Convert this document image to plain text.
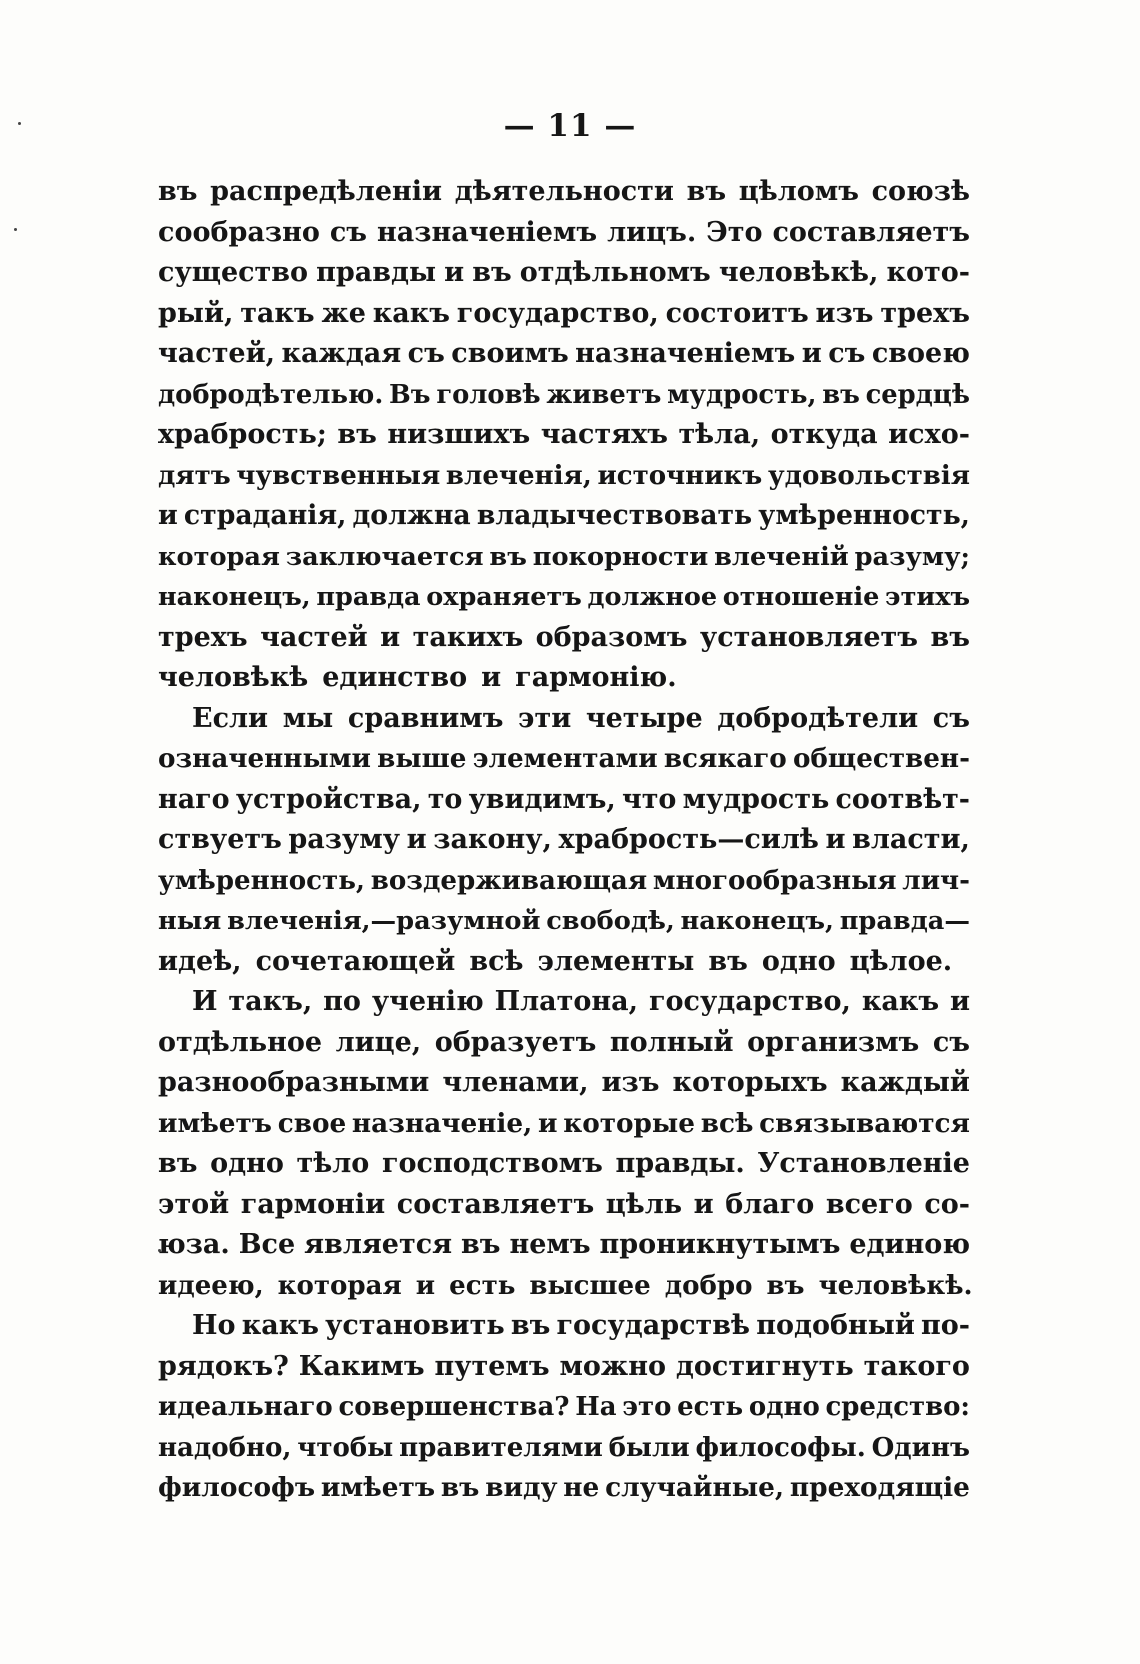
— 11 —
въ распредѣленіи дѣятельности въ цѣломъ союзѣ
сообразно съ назначеніемъ лицъ. Это составляетъ
существо правды и въ отдѣльномъ человѣкѣ, кото-
рый, такъ же какъ государство, состоитъ изъ трехъ
частей, каждая съ своимъ назначеніемъ и съ своею
добродѣтелью. Въ головѣ живетъ мудрость, въ сердцѣ
храбрость; въ низшихъ частяхъ тѣла, откуда исхо-
дятъ чувственныя влеченія, источникъ удовольствія
и страданія, должна владычествовать умѣренность,
которая заключается въ покорности влеченій разуму;
наконецъ, правда охраняетъ должное отношеніе этихъ
трехъ частей и такихъ образомъ установляетъ въ
человѣкѣ единство и гармонію.
Если мы сравнимъ эти четыре добродѣтели съ
означенными выше элементами всякаго обществен-
наго устройства, то увидимъ, что мудрость соотвѣт-
ствуетъ разуму и закону, храбрость—силѣ и власти,
умѣренность, воздерживающая многообразныя лич-
ныя влеченія,—разумной свободѣ, наконецъ, правда—
идеѣ, сочетающей всѣ элементы въ одно цѣлое.
И такъ, по ученію Платона, государство, какъ и
отдѣльное лице, образуетъ полный организмъ съ
разнообразными членами, изъ которыхъ каждый
имѣетъ свое назначеніе, и которые всѣ связываются
въ одно тѣло господствомъ правды. Установленіе
этой гармоніи составляетъ цѣль и благо всего со-
юза. Все является въ немъ проникнутымъ единою
идеею, которая и есть высшее добро въ человѣкѣ.
Но какъ установить въ государствѣ подобный по-
рядокъ? Какимъ путемъ можно достигнуть такого
идеальнаго совершенства? На это есть одно средство:
надобно, чтобы правителями были философы. Одинъ
философъ имѣетъ въ виду не случайные, преходящіе
